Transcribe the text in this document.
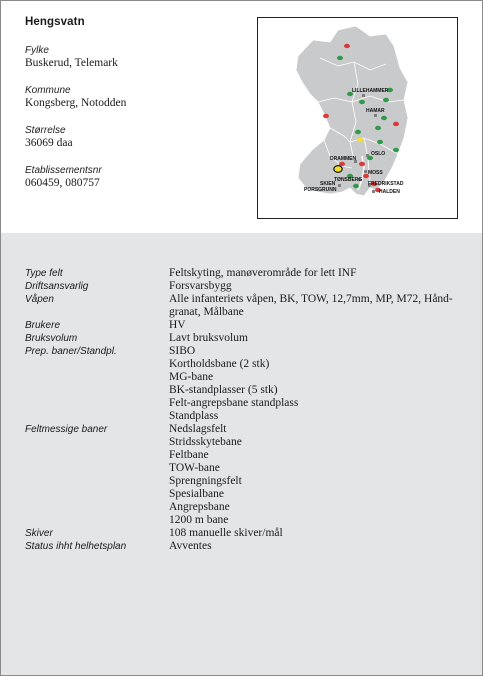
Hengsvatn
Fylke
Buskerud, Telemark
Kommune
Kongsberg, Notodden
Størrelse
36069 daa
Etablissementsnr
060459, 080757
LILLEHAMMER
HAMAR
OSLO
DRAMMEN
MOSS
TØNSBERG
FREDRIKSTAD
SKIEN
PORSGRUNN	HALDEN
Type felt	Feltskyting, manøverområde for lett INF
Driftsansvarlig	Forsvarsbygg
Våpen	Alle infanteriets våpen, BK, TOW, 12,7mm, MP, M72, Hånd-
granat, Målbane
Brukere	HV
Bruksvolum	Lavt bruksvolum
Prep. baner/Standpl.	SIBO
Kortholdsbane (2 stk)
MG-bane
BK-standplasser (5 stk)
Felt-angrepsbane standplass
Standplass
Feltmessige baner	Nedslagsfelt
Stridsskytebane
Feltbane
TOW-bane
Sprengningsfelt
Spesialbane
Angrepsbane
1200 m bane
Skiver	108 manuelle skiver/mål
Status ihht helhetsplan	Avventes
